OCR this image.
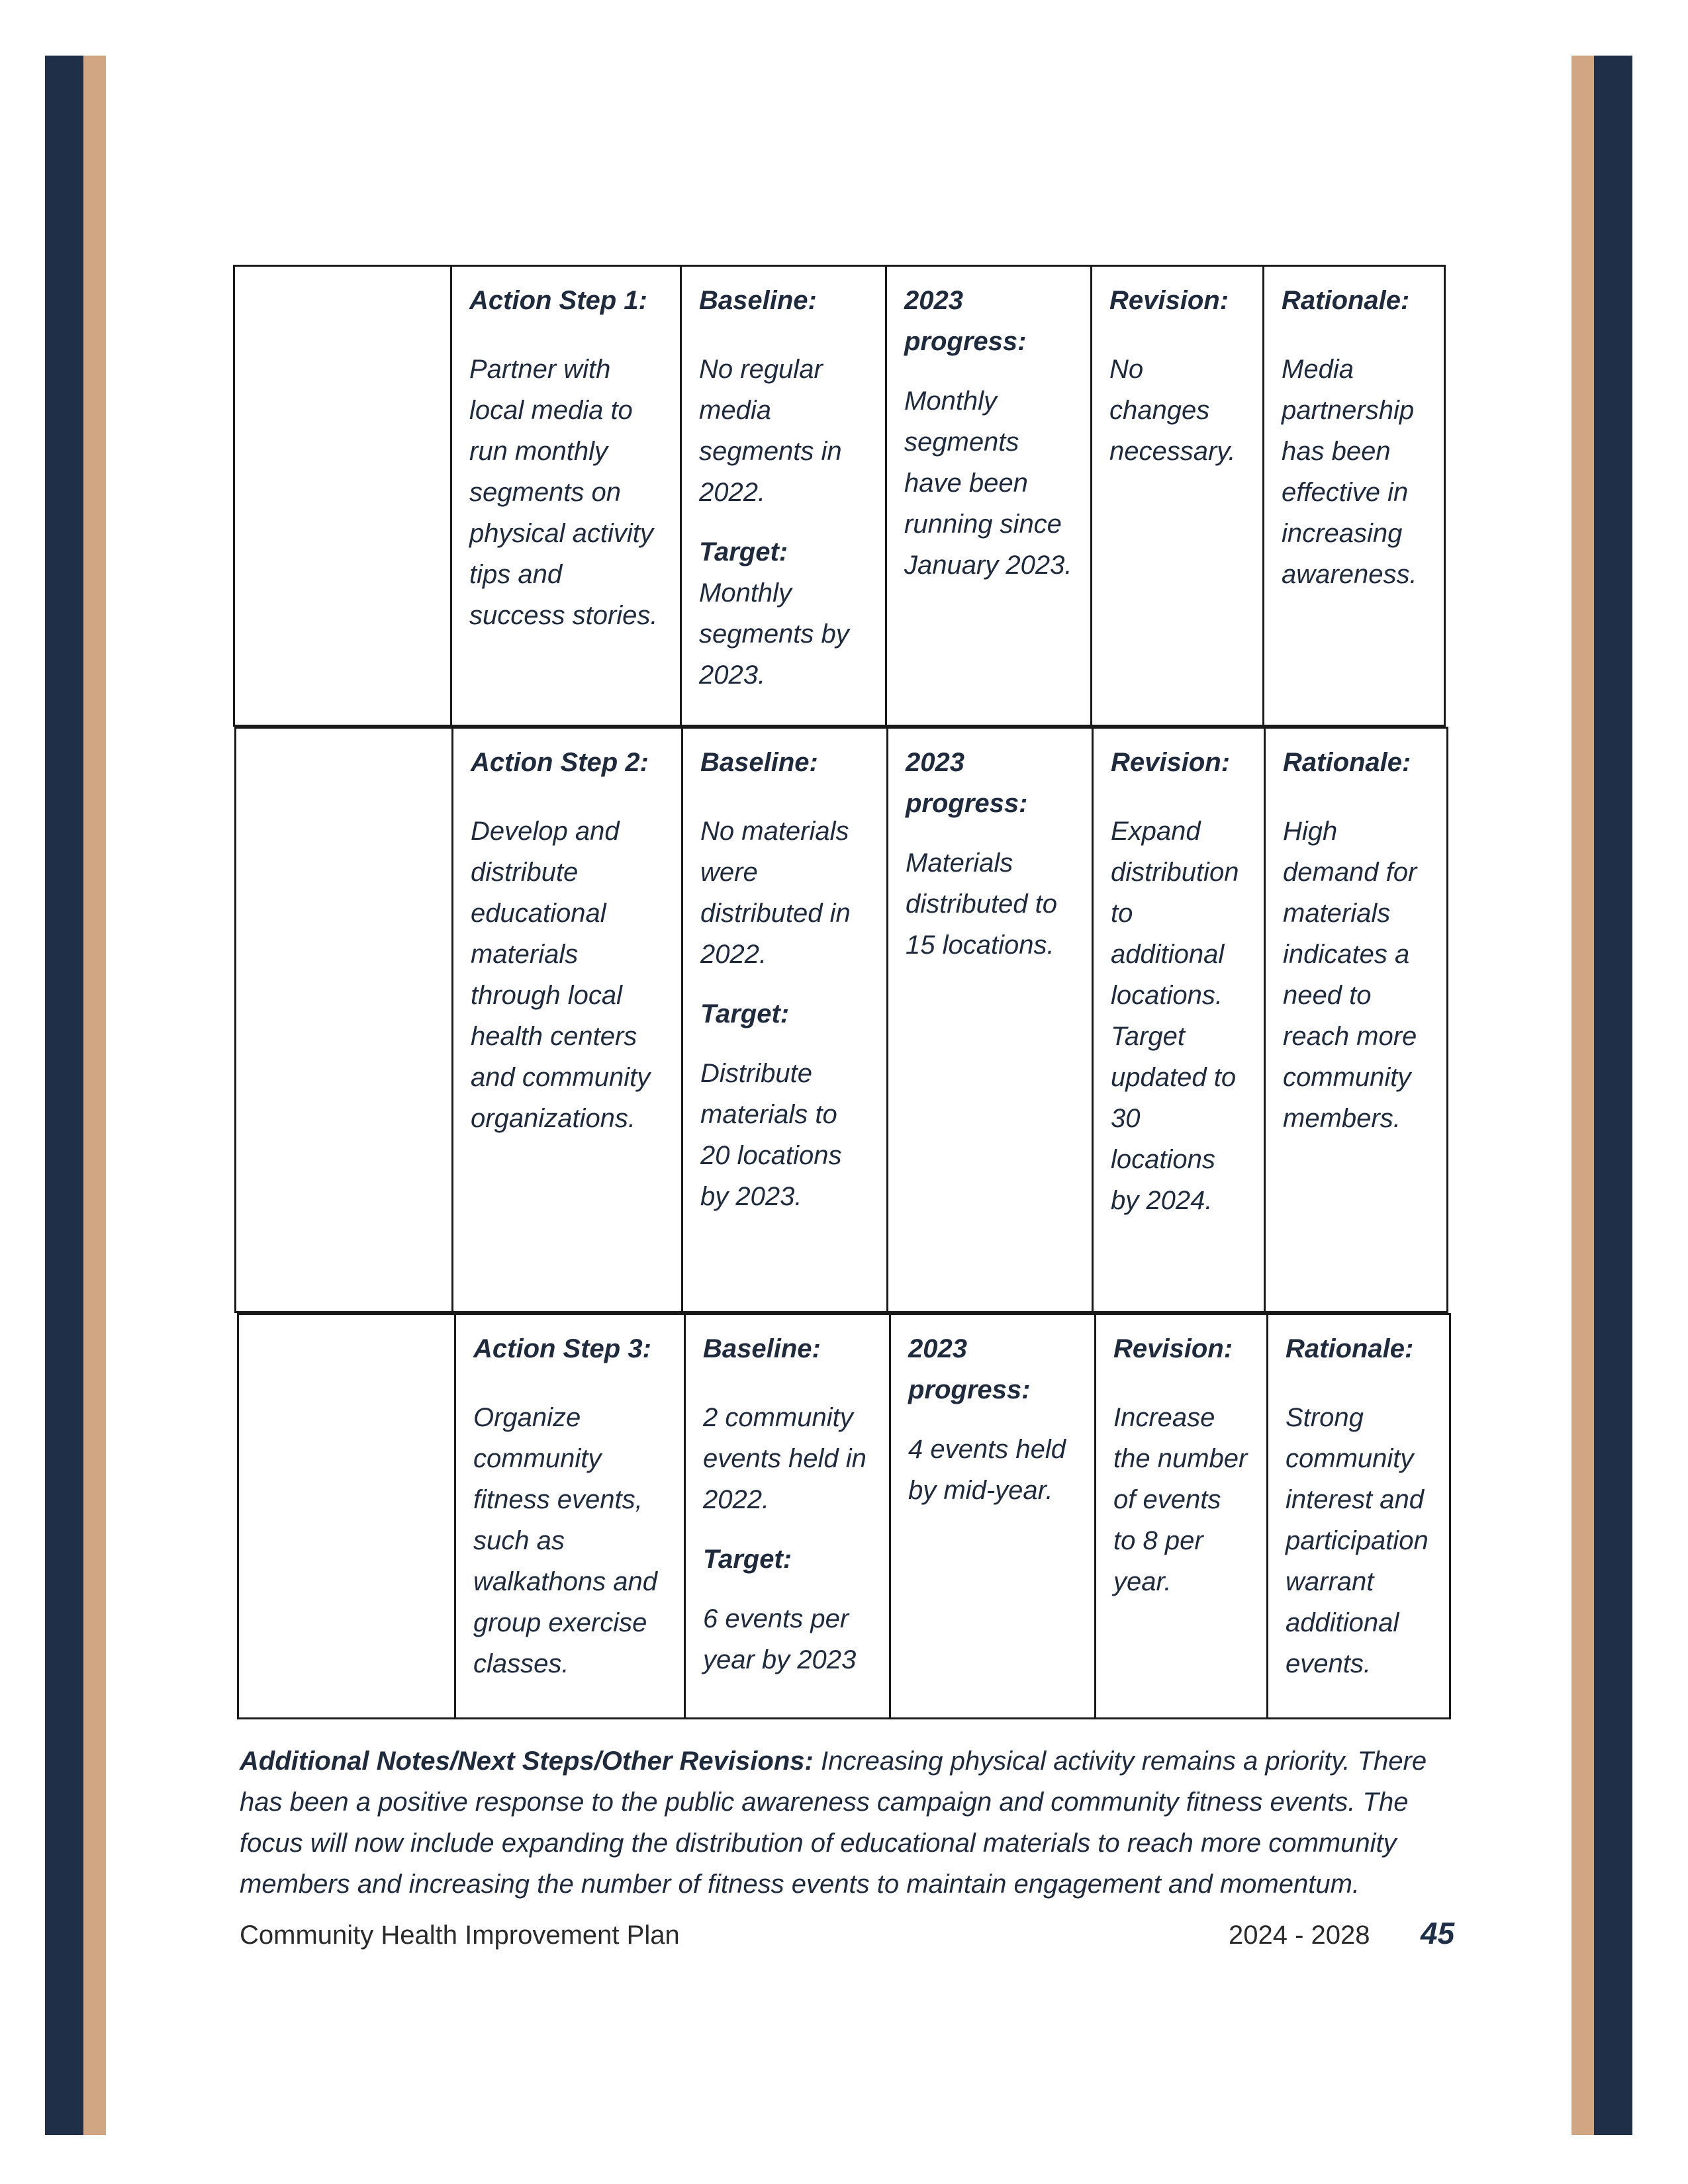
Action Step 1:
Partner with local media to run monthly segments on physical activity tips and success stories.
Baseline:
No regular media segments in 2022.
Target:
Monthly segments by 2023.
2023 progress:
Monthly segments have been running since January 2023.
Revision:
No changes necessary.
Rationale:
Media partnership has been effective in increasing awareness.
Action Step 2:
Develop and distribute educational materials through local health centers and community organizations.
Baseline:
No materials were distributed in 2022.
Target:
Distribute materials to 20 locations by 2023.
2023 progress:
Materials distributed to 15 locations.
Revision:
Expand distribution to additional locations. Target updated to 30 locations by 2024.
Rationale:
High demand for materials indicates a need to reach more community members.
Action Step 3:
Organize community fitness events, such as walkathons and group exercise classes.
Baseline:
2 community events held in 2022.
Target:
6 events per year by 2023
2023 progress:
4 events held by mid-year.
Revision:
Increase the number of events to 8 per year.
Rationale:
Strong community interest and participation warrant additional events.
Additional Notes/Next Steps/Other Revisions: Increasing physical activity remains a priority. There has been a positive response to the public awareness campaign and community fitness events. The focus will now include expanding the distribution of educational materials to reach more community members and increasing the number of fitness events to maintain engagement and momentum.
Community Health Improvement Plan	2024 - 2028 45
